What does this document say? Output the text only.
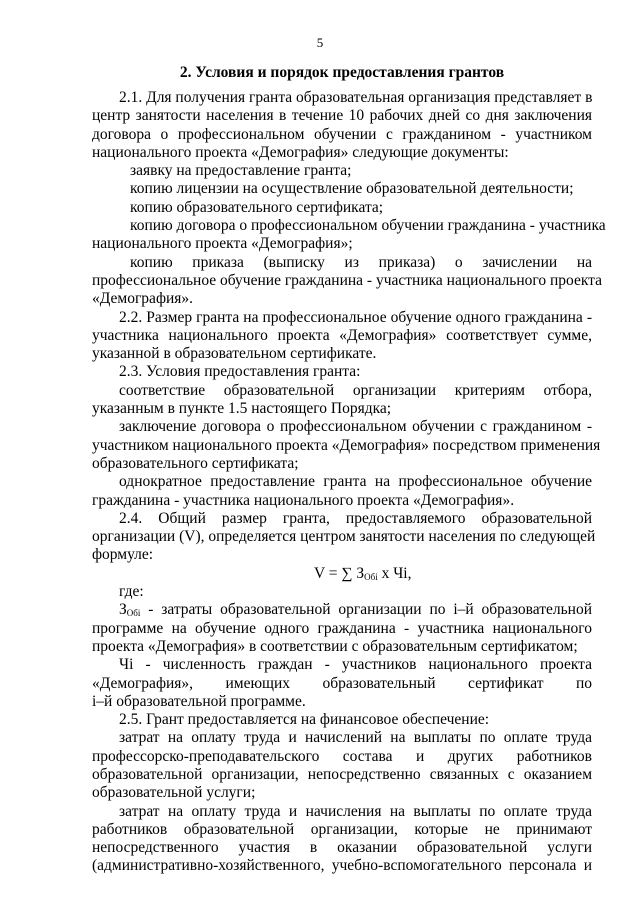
5
2. Условия и порядок предоставления грантов
2.1. Для получения гранта образовательная организация представляет в
центр занятости населения в течение 10 рабочих дней со дня заключения
договора о профессиональном обучении с гражданином - участником
национального проекта «Демография» следующие документы:
заявку на предоставление гранта;
копию лицензии на осуществление образовательной деятельности;
копию образовательного сертификата;
копию договора о профессиональном обучении гражданина - участника
национального проекта «Демография»;
копию приказа (выписку из приказа) о зачислении на
профессиональное обучение гражданина - участника национального проекта
«Демография».
2.2. Размер гранта на профессиональное обучение одного гражданина -
участника национального проекта «Демография» соответствует сумме,
указанной в образовательном сертификате.
2.3. Условия предоставления гранта:
соответствие образовательной организации критериям отбора,
указанным в пункте 1.5 настоящего Порядка;
заключение договора о профессиональном обучении с гражданином -
участником национального проекта «Демография» посредством применения
образовательного сертификата;
однократное предоставление гранта на профессиональное обучение
гражданина - участника национального проекта «Демография».
2.4. Общий размер гранта, предоставляемого образовательной
организации (V), определяется центром занятости населения по следующей
формуле:
V = ∑ $З_{Обi}$ x Чi,
где:
$З_{Обi}$ - затраты образовательной организации по i–й образовательной
программе на обучение одного гражданина - участника национального
проекта «Демография» в соответствии с образовательным сертификатом;
Чi - численность граждан - участников национального проекта
«Демография», имеющих образовательный сертификат по
i–й образовательной программе.
2.5. Грант предоставляется на финансовое обеспечение:
затрат на оплату труда и начислений на выплаты по оплате труда
профессорско-преподавательского состава и других работников
образовательной организации, непосредственно связанных с оказанием
образовательной услуги;
затрат на оплату труда и начисления на выплаты по оплате труда
работников образовательной организации, которые не принимают
непосредственного участия в оказании образовательной услуги
(административно-хозяйственного, учебно-вспомогательного персонала и
